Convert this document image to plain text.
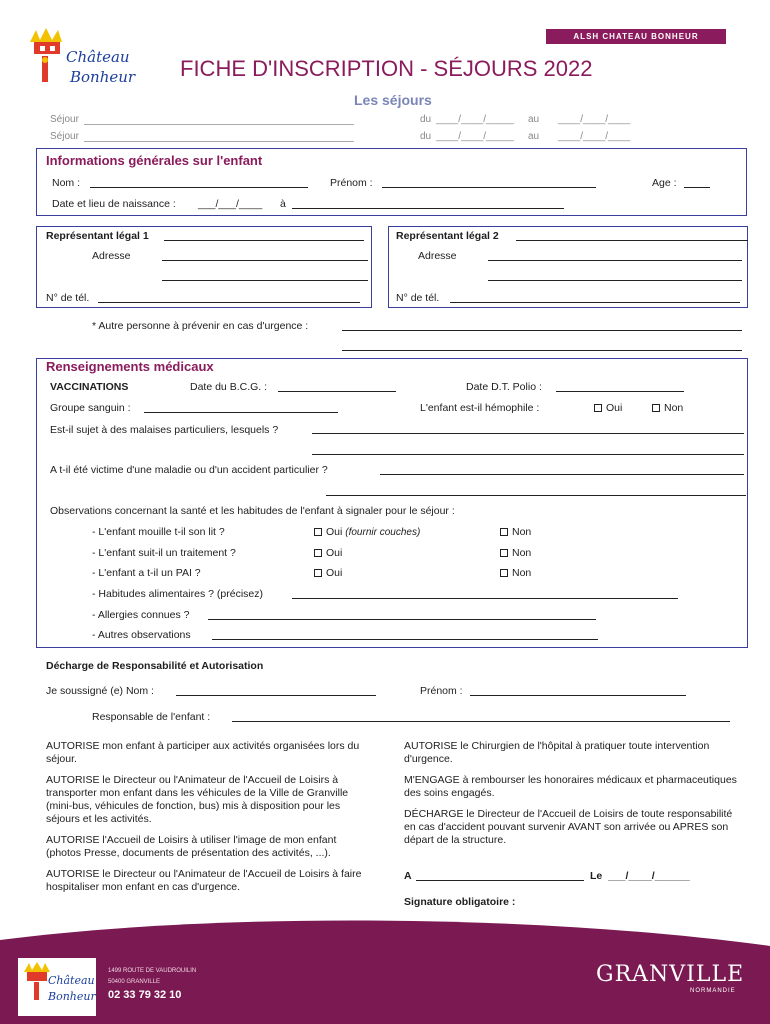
ALSH CHATEAU BONHEUR
Château
Bonheur FICHE D'INSCRIPTION - SÉJOURS 2022
Les séjours
Séjour	du ____/____/_____ au ____/____/____
Séjour	du ____/____/_____ au ____/____/____
Informations générales sur l'enfant
Nom :	Prénom :	Age :
Date et lieu de naissance : ___/___/____ à
Représentant légal 1
Adresse
N° de tél.
Représentant légal 2
Adresse
N° de tél.
* Autre personne à prévenir en cas d'urgence :
Renseignements médicaux
VACCINATIONS	Date du B.C.G. :	Date D.T. Polio :
Groupe sanguin :	L'enfant est-il hémophile :	Oui	Non
Est-il sujet à des malaises particuliers, lesquels ?
A t-il été victime d'une maladie ou d'un accident particulier ?
Observations concernant la santé et les habitudes de l'enfant à signaler pour le séjour :
- L'enfant mouille t-il son lit ?	Oui (fournir couches)	Non
- L'enfant suit-il un traitement ?	Oui	Non
- L'enfant a t-il un PAI ?	Oui	Non
- Habitudes alimentaires ? (précisez)
- Allergies connues ?
- Autres observations
Décharge de Responsabilité et Autorisation
Je soussigné (e) Nom :	Prénom :
Responsable de l'enfant :

AUTORISE mon enfant à participer aux activités organisées lors du séjour.

AUTORISE le Directeur ou l'Animateur de l'Accueil de Loisirs à transporter mon enfant dans les véhicules de la Ville de Granville (mini-bus, véhicules de fonction, bus) mis à disposition pour les séjours et les activités.

AUTORISE l'Accueil de Loisirs à utiliser l'image de mon enfant (photos Presse, documents de présentation des activités, ...).

AUTORISE le Directeur ou l'Animateur de l'Accueil de Loisirs à faire hospitaliser mon enfant en cas d'urgence.

AUTORISE le Chirurgien de l'hôpital à pratiquer toute intervention d'urgence.

M'ENGAGE à rembourser les honoraires médicaux et pharmaceutiques des soins engagés.

DÉCHARGE le Directeur de l'Accueil de Loisirs de toute responsabilité en cas d'accident pouvant survenir AVANT son arrivée ou APRES son départ de la structure.

A	Le ___/____/______
Signature obligatoire :
Château
Bonheur
1499 ROUTE DE VAUDROUILIN
50400 GRANVILLE
02 33 79 32 10
GRANVILLE
NORMANDIE
